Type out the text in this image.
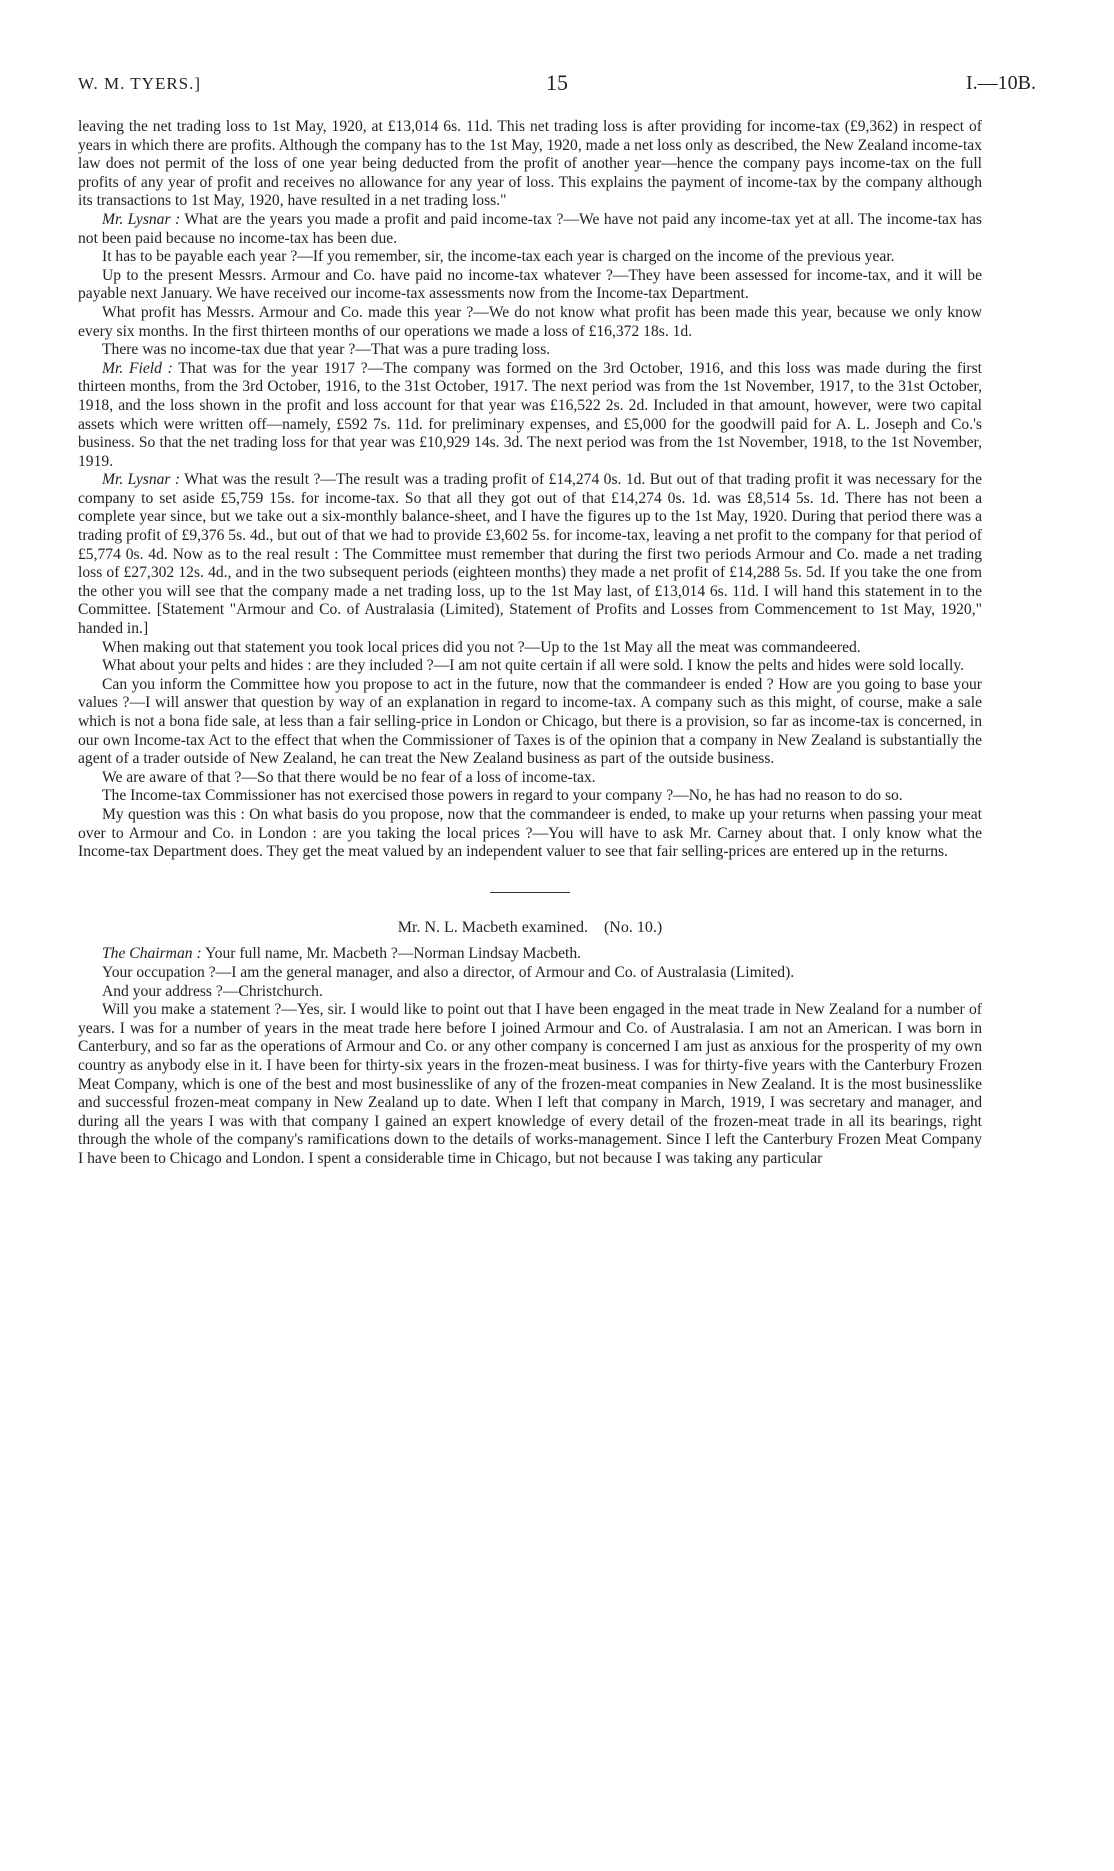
W. M. TYERS.]	15	I.—10B.

leaving the net trading loss to 1st May, 1920, at £13,014 6s. 11d. This net trading loss is after providing for income-tax (£9,362) in respect of years in which there are profits. Although the company has to the 1st May, 1920, made a net loss only as described, the New Zealand income-tax law does not permit of the loss of one year being deducted from the profit of another year—hence the company pays income-tax on the full profits of any year of profit and receives no allowance for any year of loss. This explains the payment of income-tax by the company although its transactions to 1st May, 1920, have resulted in a net trading loss."

Mr. Lysnar : What are the years you made a profit and paid income-tax ?—We have not paid any income-tax yet at all. The income-tax has not been paid because no income-tax has been due.

It has to be payable each year ?—If you remember, sir, the income-tax each year is charged on the income of the previous year.

Up to the present Messrs. Armour and Co. have paid no income-tax whatever ?—They have been assessed for income-tax, and it will be payable next January. We have received our income-tax assessments now from the Income-tax Department.

What profit has Messrs. Armour and Co. made this year ?—We do not know what profit has been made this year, because we only know every six months. In the first thirteen months of our operations we made a loss of £16,372 18s. 1d.

There was no income-tax due that year ?—That was a pure trading loss.

Mr. Field : That was for the year 1917 ?—The company was formed on the 3rd October, 1916, and this loss was made during the first thirteen months, from the 3rd October, 1916, to the 31st October, 1917. The next period was from the 1st November, 1917, to the 31st October, 1918, and the loss shown in the profit and loss account for that year was £16,522 2s. 2d. Included in that amount, however, were two capital assets which were written off—namely, £592 7s. 11d. for preliminary expenses, and £5,000 for the goodwill paid for A. L. Joseph and Co.'s business. So that the net trading loss for that year was £10,929 14s. 3d. The next period was from the 1st November, 1918, to the 1st November, 1919.

Mr. Lysnar : What was the result ?—The result was a trading profit of £14,274 0s. 1d. But out of that trading profit it was necessary for the company to set aside £5,759 15s. for income-tax. So that all they got out of that £14,274 0s. 1d. was £8,514 5s. 1d. There has not been a complete year since, but we take out a six-monthly balance-sheet, and I have the figures up to the 1st May, 1920. During that period there was a trading profit of £9,376 5s. 4d., but out of that we had to provide £3,602 5s. for income-tax, leaving a net profit to the company for that period of £5,774 0s. 4d. Now as to the real result : The Committee must remember that during the first two periods Armour and Co. made a net trading loss of £27,302 12s. 4d., and in the two subsequent periods (eighteen months) they made a net profit of £14,288 5s. 5d. If you take the one from the other you will see that the company made a net trading loss, up to the 1st May last, of £13,014 6s. 11d. I will hand this statement in to the Committee. [Statement "Armour and Co. of Australasia (Limited), Statement of Profits and Losses from Commencement to 1st May, 1920," handed in.]

When making out that statement you took local prices did you not ?—Up to the 1st May all the meat was commandeered.

What about your pelts and hides : are they included ?—I am not quite certain if all were sold. I know the pelts and hides were sold locally.

Can you inform the Committee how you propose to act in the future, now that the commandeer is ended ? How are you going to base your values ?—I will answer that question by way of an explanation in regard to income-tax. A company such as this might, of course, make a sale which is not a bona fide sale, at less than a fair selling-price in London or Chicago, but there is a provision, so far as income-tax is concerned, in our own Income-tax Act to the effect that when the Commissioner of Taxes is of the opinion that a company in New Zealand is substantially the agent of a trader outside of New Zealand, he can treat the New Zealand business as part of the outside business.

We are aware of that ?—So that there would be no fear of a loss of income-tax.

The Income-tax Commissioner has not exercised those powers in regard to your company ?—No, he has had no reason to do so.

My question was this : On what basis do you propose, now that the commandeer is ended, to make up your returns when passing your meat over to Armour and Co. in London : are you taking the local prices ?—You will have to ask Mr. Carney about that. I only know what the Income-tax Department does. They get the meat valued by an independent valuer to see that fair selling-prices are entered up in the returns.

Mr. N. L. Macbeth examined. (No. 10.)

The Chairman : Your full name, Mr. Macbeth ?—Norman Lindsay Macbeth.

Your occupation ?—I am the general manager, and also a director, of Armour and Co. of Australasia (Limited).

And your address ?—Christchurch.

Will you make a statement ?—Yes, sir. I would like to point out that I have been engaged in the meat trade in New Zealand for a number of years. I was for a number of years in the meat trade here before I joined Armour and Co. of Australasia. I am not an American. I was born in Canterbury, and so far as the operations of Armour and Co. or any other company is concerned I am just as anxious for the prosperity of my own country as anybody else in it. I have been for thirty-six years in the frozen-meat business. I was for thirty-five years with the Canterbury Frozen Meat Company, which is one of the best and most businesslike of any of the frozen-meat companies in New Zealand. It is the most businesslike and successful frozen-meat company in New Zealand up to date. When I left that company in March, 1919, I was secretary and manager, and during all the years I was with that company I gained an expert knowledge of every detail of the frozen-meat trade in all its bearings, right through the whole of the company's ramifications down to the details of works-management. Since I left the Canterbury Frozen Meat Company I have been to Chicago and London. I spent a considerable time in Chicago, but not because I was taking any particular
